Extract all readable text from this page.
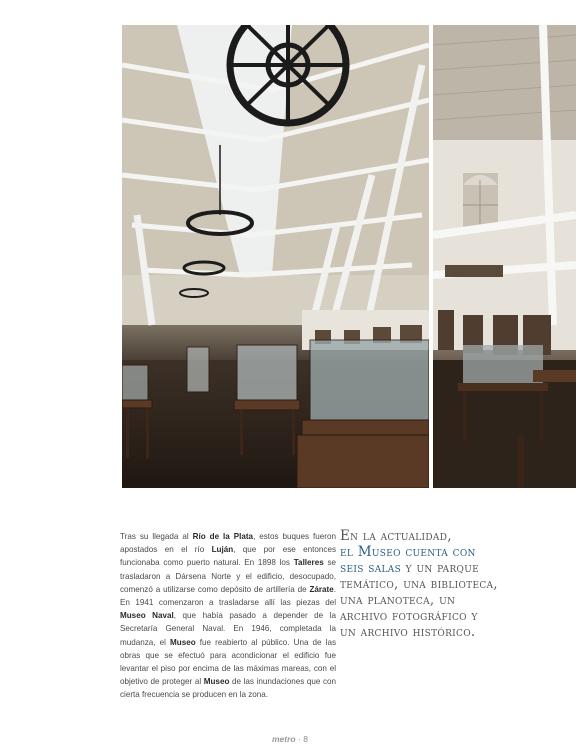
Tras su llegada al Río de la Plata, estos buques fueron apostados en el río Luján, que por ese entonces funcionaba como puerto natural. En 1898 los Talleres se trasladaron a Dársena Norte y el edificio, desocupado, comenzó a utilizarse como depósito de artillería de Zárate. En 1941 comenzaron a trasladarse allí las piezas del Museo Naval, que había pasado a depender de la Secretaría General Naval. En 1946, completada la mudanza, el Museo fue reabierto al público. Una de las obras que se efectuó para acondicionar el edificio fue levantar el piso por encima de las máximas mareas, con el objetivo de proteger al Museo de las inundaciones que con cierta frecuencia se producen en la zona.

En la actualidad,
el Museo cuenta con
seis salas y un parque
temático, una biblioteca,
una planoteca, un
archivo fotográfico y
un archivo histórico.

metro · 8
